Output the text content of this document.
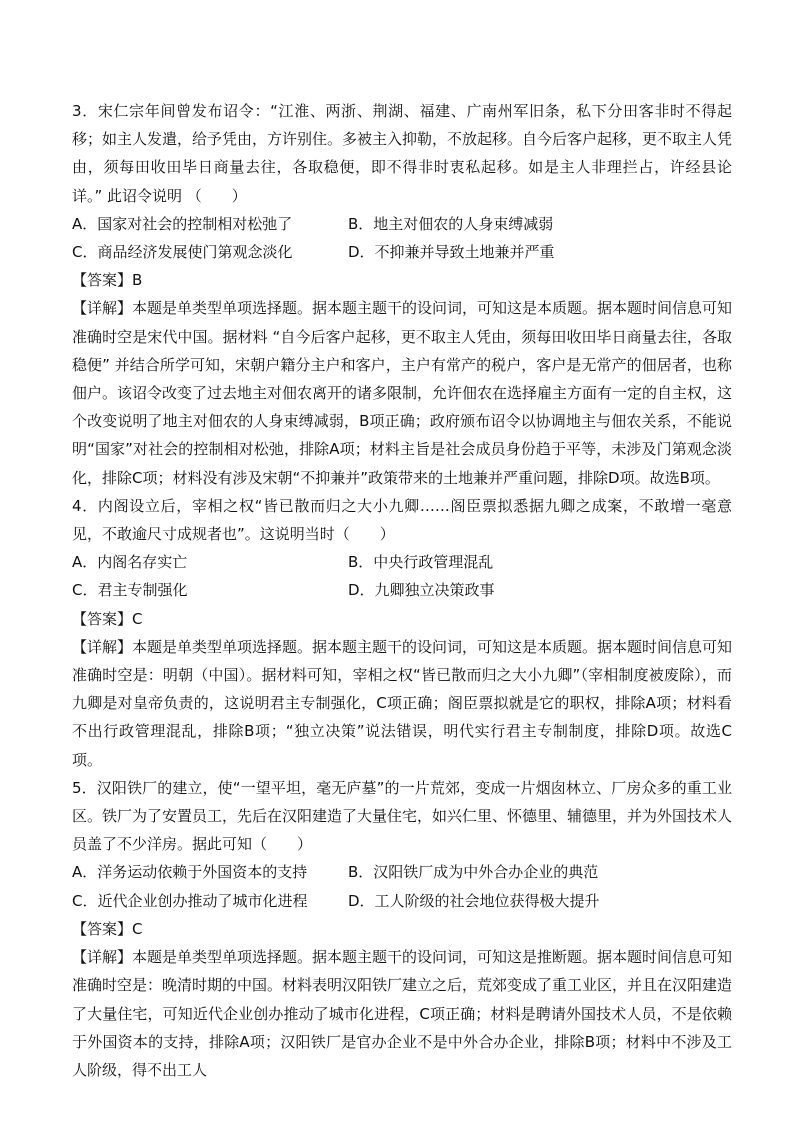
3．宋仁宗年间曾发布诏令：“江淮、两浙、荆湖、福建、广南州军旧条，私下分田客非时不得起移；如主人发遣，给予凭由，方许别住。多被主入抑勒，不放起移。自今后客户起移，更不取主人凭由，须每田收田毕日商量去往，各取稳便，即不得非时衷私起移。如是主人非理拦占，许经县论详。” 此诏令说明 （　　）

A．国家对社会的控制相对松弛了	B．地主对佃农的人身束缚减弱
C．商品经济发展使门第观念淡化	D．不抑兼并导致土地兼并严重

【答案】B

【详解】本题是单类型单项选择题。据本题主题干的设问词，可知这是本质题。据本题时间信息可知准确时空是宋代中国。据材料 “自今后客户起移，更不取主人凭由，须每田收田毕日商量去往，各取稳便” 并结合所学可知，宋朝户籍分主户和客户，主户有常产的税户，客户是无常产的佃居者，也称佃户。该诏令改变了过去地主对佃农离开的诸多限制，允许佃农在选择雇主方面有一定的自主权，这个改变说明了地主对佃农的人身束缚减弱，B项正确；政府颁布诏令以协调地主与佃农关系，不能说明“国家”对社会的控制相对松弛，排除A项；材料主旨是社会成员身份趋于平等，未涉及门第观念淡化，排除C项；材料没有涉及宋朝“不抑兼并”政策带来的土地兼并严重问题，排除D项。故选B项。

4．内阁设立后，宰相之权“皆已散而归之大小九卿……阁臣票拟悉据九卿之成案，不敢增一毫意见，不敢逾尺寸成规者也”。这说明当时（　　）

A．内阁名存实亡	B．中央行政管理混乱
C．君主专制强化	D．九卿独立决策政事

【答案】C

【详解】本题是单类型单项选择题。据本题主题干的设问词，可知这是本质题。据本题时间信息可知准确时空是：明朝（中国）。据材料可知，宰相之权“皆已散而归之大小九卿”（宰相制度被废除），而九卿是对皇帝负责的，这说明君主专制强化，C项正确；阁臣票拟就是它的职权，排除A项；材料看不出行政管理混乱，排除B项；“独立决策”说法错误，明代实行君主专制制度，排除D项。故选C项。

5．汉阳铁厂的建立，使“一望平坦，毫无庐墓”的一片荒郊，变成一片烟囱林立、厂房众多的重工业区。铁厂为了安置员工，先后在汉阳建造了大量住宅，如兴仁里、怀德里、辅德里，并为外国技术人员盖了不少洋房。据此可知（　　）

A．洋务运动依赖于外国资本的支持	B．汉阳铁厂成为中外合办企业的典范
C．近代企业创办推动了城市化进程	D．工人阶级的社会地位获得极大提升

【答案】C

【详解】本题是单类型单项选择题。据本题主题干的设问词，可知这是推断题。据本题时间信息可知准确时空是：晚清时期的中国。材料表明汉阳铁厂建立之后，荒郊变成了重工业区，并且在汉阳建造了大量住宅，可知近代企业创办推动了城市化进程，C项正确；材料是聘请外国技术人员，不是依赖于外国资本的支持，排除A项；汉阳铁厂是官办企业不是中外合办企业，排除B项；材料中不涉及工人阶级，得不出工人
